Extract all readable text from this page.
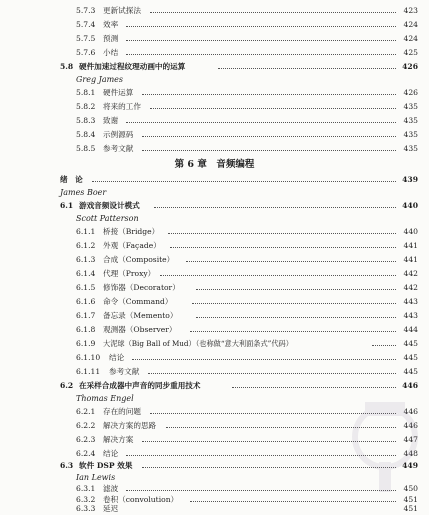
5.7.3 更新试探法	423
5.7.4 效率	424
5.7.5 预测	424
5.7.6 小结	425
5.8 硬件加速过程纹理动画中的运算	426
Greg James
5.8.1 硬件运算	426
5.8.2 将来的工作	435
5.8.3 致谢	435
5.8.4 示例源码	435
5.8.5 参考文献	435
第 6 章　音频编程
绪　论	439
James Boer
6.1 游戏音频设计模式	440
Scott Patterson
6.1.1 桥接（Bridge）	440
6.1.2 外观（Façade）	441
6.1.3 合成（Composite）	441
6.1.4 代理（Proxy）	442
6.1.5 修饰器（Decorator）	442
6.1.6 命令（Command）	443
6.1.7 备忘录（Memento）	443
6.1.8 观测器（Observer）	444
6.1.9 大泥球（Big Ball of Mud）（也称做“意大利面条式”代码）	445
6.1.10 结论	445
6.1.11 参考文献	445
6.2 在采样合成器中声音的同步重用技术	446
Thomas Engel
6.2.1 存在的问题	446
6.2.2 解决方案的思路	446
6.2.3 解决方案	447
6.2.4 结论	448
6.3 软件 DSP 效果	449
Ian Lewis
6.3.1 滤波	450
6.3.2 卷积（convolution）	451
6.3.3 延迟	451
